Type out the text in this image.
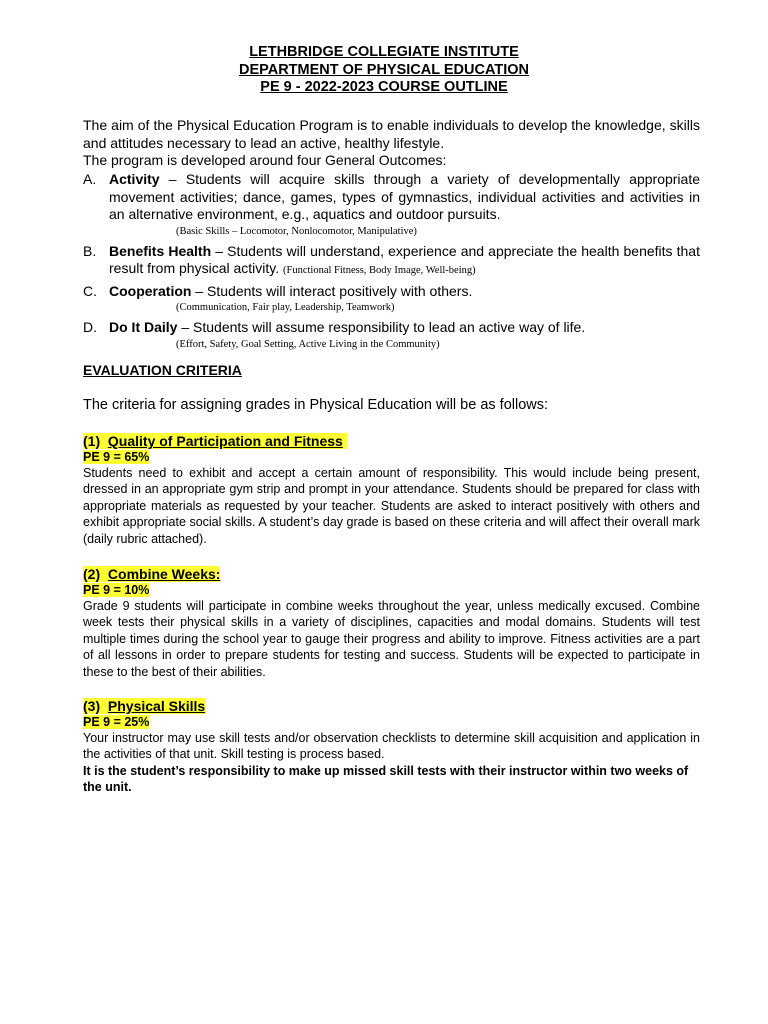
LETHBRIDGE COLLEGIATE INSTITUTE
DEPARTMENT OF PHYSICAL EDUCATION
PE 9 - 2022-2023 COURSE OUTLINE

The aim of the Physical Education Program is to enable individuals to develop the knowledge, skills and attitudes necessary to lead an active, healthy lifestyle.

The program is developed around four General Outcomes:

A. Activity – Students will acquire skills through a variety of developmentally appropriate movement activities; dance, games, types of gymnastics, individual activities and activities in an alternative environment, e.g., aquatics and outdoor pursuits.
(Basic Skills – Locomotor, Nonlocomotor, Manipulative)
B. Benefits Health – Students will understand, experience and appreciate the health benefits that result from physical activity. (Functional Fitness, Body Image, Well-being)
C. Cooperation – Students will interact positively with others.
(Communication, Fair play, Leadership, Teamwork)
D. Do It Daily – Students will assume responsibility to lead an active way of life.
(Effort, Safety, Goal Setting, Active Living in the Community)
EVALUATION CRITERIA
The criteria for assigning grades in Physical Education will be as follows:
(1) Quality of Participation and Fitness
PE 9 = 65%

Students need to exhibit and accept a certain amount of responsibility. This would include being present, dressed in an appropriate gym strip and prompt in your attendance. Students should be prepared for class with appropriate materials as requested by your teacher. Students are asked to interact positively with others and exhibit appropriate social skills. A student’s day grade is based on these criteria and will affect their overall mark (daily rubric attached).

(2) Combine Weeks:
PE 9 = 10%

Grade 9 students will participate in combine weeks throughout the year, unless medically excused. Combine week tests their physical skills in a variety of disciplines, capacities and modal domains. Students will test multiple times during the school year to gauge their progress and ability to improve. Fitness activities are a part of all lessons in order to prepare students for testing and success. Students will be expected to participate in these to the best of their abilities.

(3) Physical Skills
PE 9 = 25%

Your instructor may use skill tests and/or observation checklists to determine skill acquisition and application in the activities of that unit. Skill testing is process based.

It is the student’s responsibility to make up missed skill tests with their instructor within two weeks of the unit.
